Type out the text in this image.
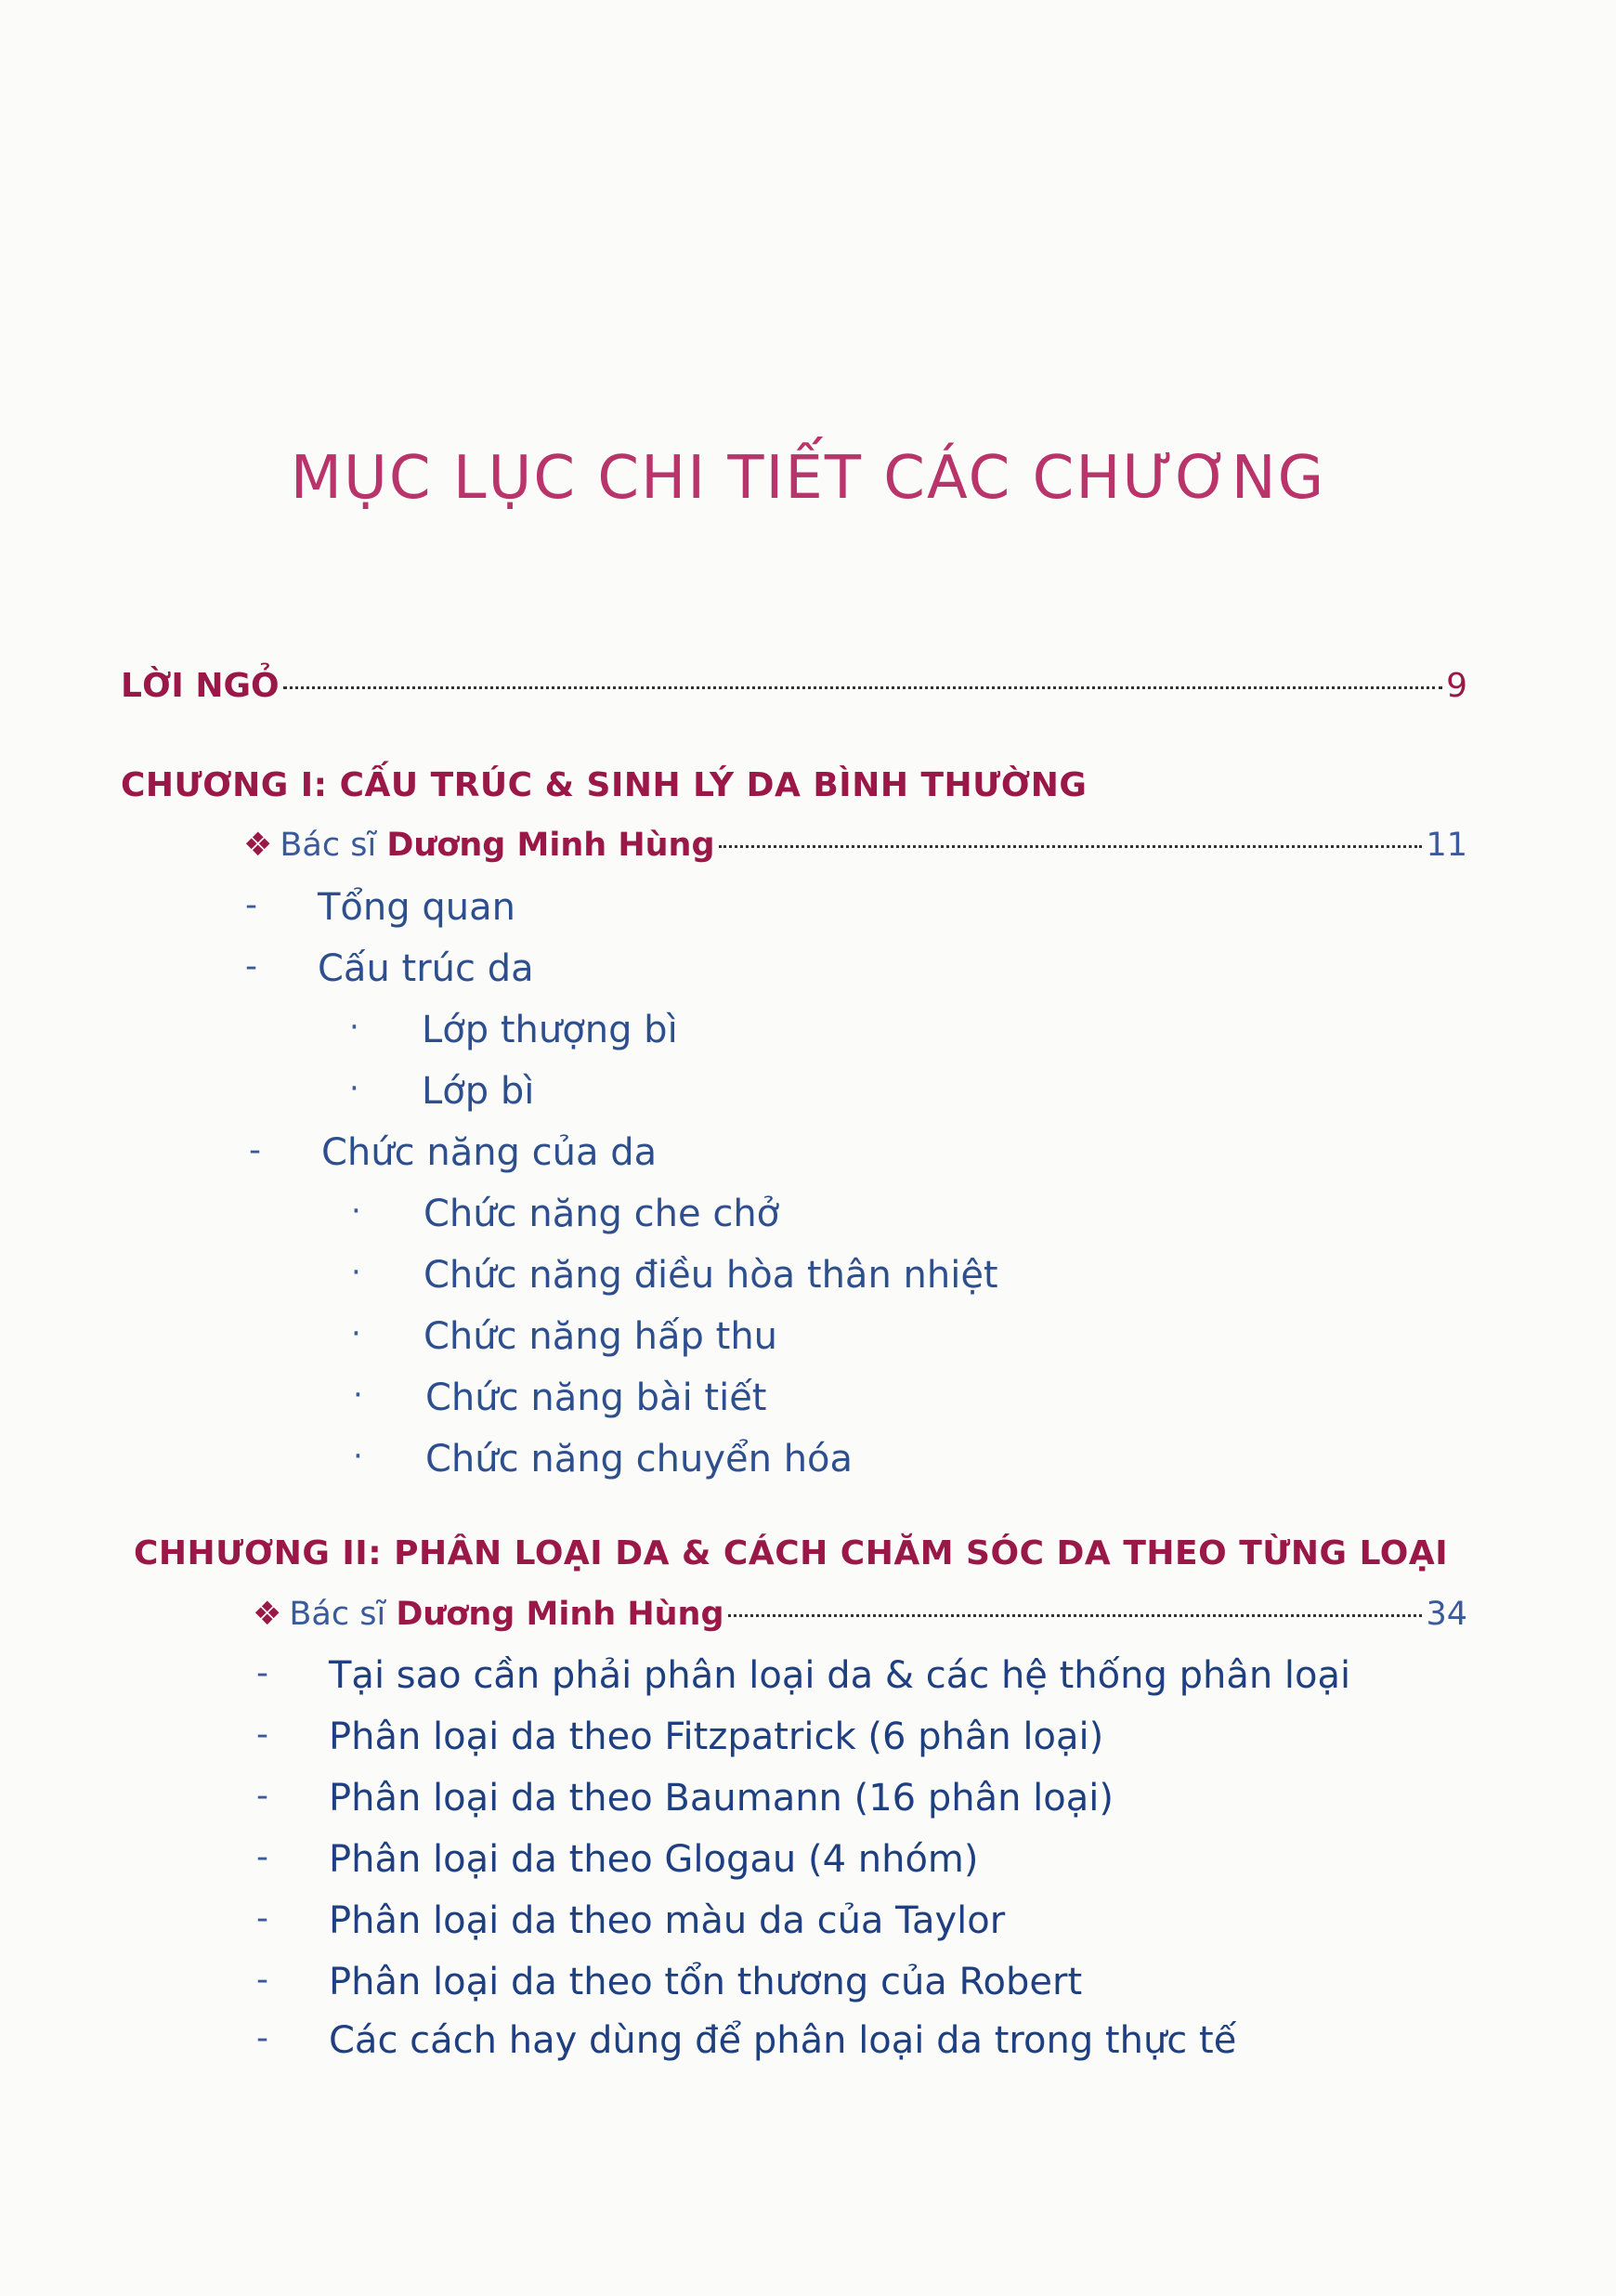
MỤC LỤC CHI TIẾT CÁC CHƯƠNG
LỜI NGỎ	9
CHƯƠNG I: CẤU TRÚC & SINH LÝ DA BÌNH THƯỜNG
❖ Bác sĩ Dương Minh Hùng	11
- Tổng quan
- Cấu trúc da
· Lớp thượng bì
· Lớp bì
- Chức năng của da
· Chức năng che chở
· Chức năng điều hòa thân nhiệt
· Chức năng hấp thu
· Chức năng bài tiết
· Chức năng chuyển hóa
CHHƯƠNG II: PHÂN LOẠI DA & CÁCH CHĂM SÓC DA THEO TỪNG LOẠI
❖ Bác sĩ Dương Minh Hùng	34
- Tại sao cần phải phân loại da & các hệ thống phân loại
- Phân loại da theo Fitzpatrick (6 phân loại)
- Phân loại da theo Baumann (16 phân loại)
- Phân loại da theo Glogau (4 nhóm)
- Phân loại da theo màu da của Taylor
- Phân loại da theo tổn thương của Robert
- Các cách hay dùng để phân loại da trong thực tế
